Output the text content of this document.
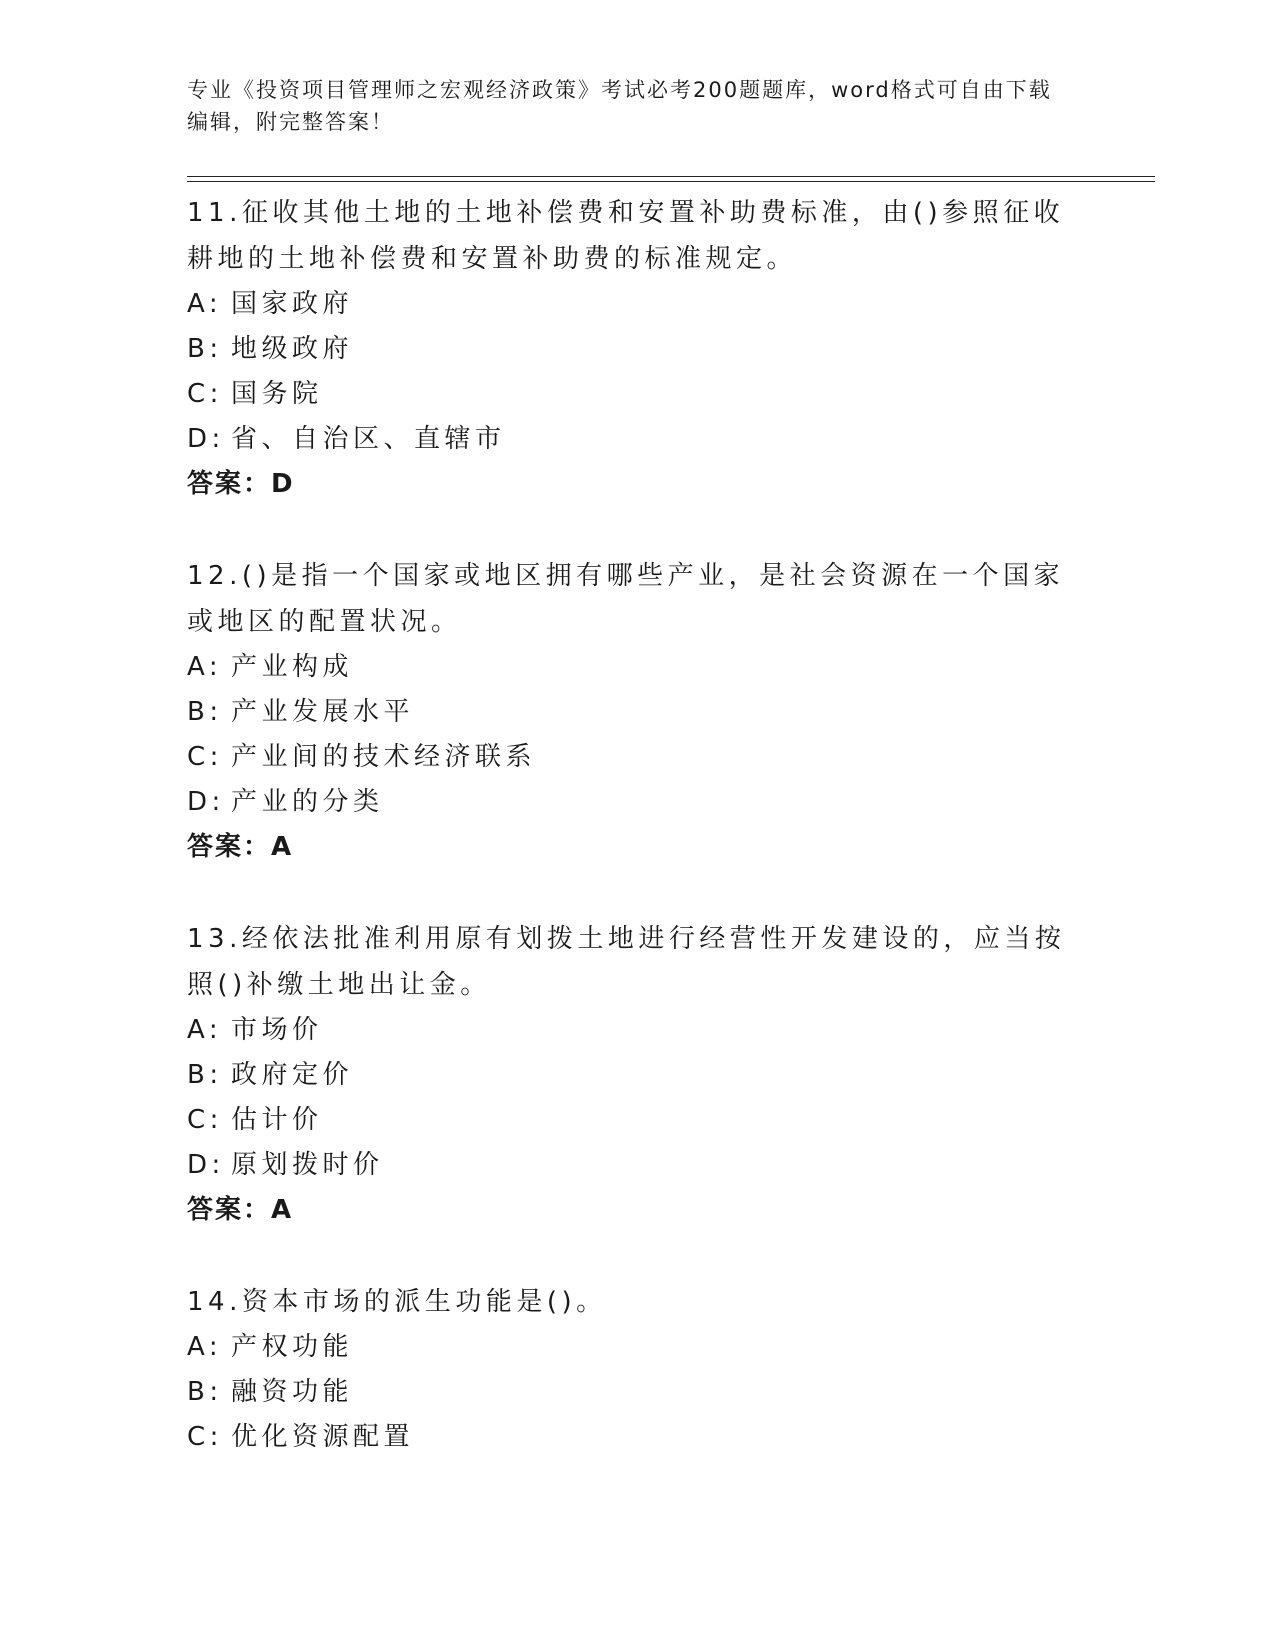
专业《投资项目管理师之宏观经济政策》考试必考200题题库，word格式可自由下载编辑，附完整答案！

11.征收其他土地的土地补偿费和安置补助费标准，由()参照征收耕地的土地补偿费和安置补助费的标准规定。

A: 国家政府
B: 地级政府
C: 国务院
D: 省、自治区、直辖市
答案：D

12.()是指一个国家或地区拥有哪些产业，是社会资源在一个国家或地区的配置状况。

A: 产业构成
B: 产业发展水平
C: 产业间的技术经济联系
D: 产业的分类
答案：A

13.经依法批准利用原有划拨土地进行经营性开发建设的，应当按照()补缴土地出让金。

A: 市场价
B: 政府定价
C: 估计价
D: 原划拨时价
答案：A

14.资本市场的派生功能是()。

A: 产权功能
B: 融资功能
C: 优化资源配置
